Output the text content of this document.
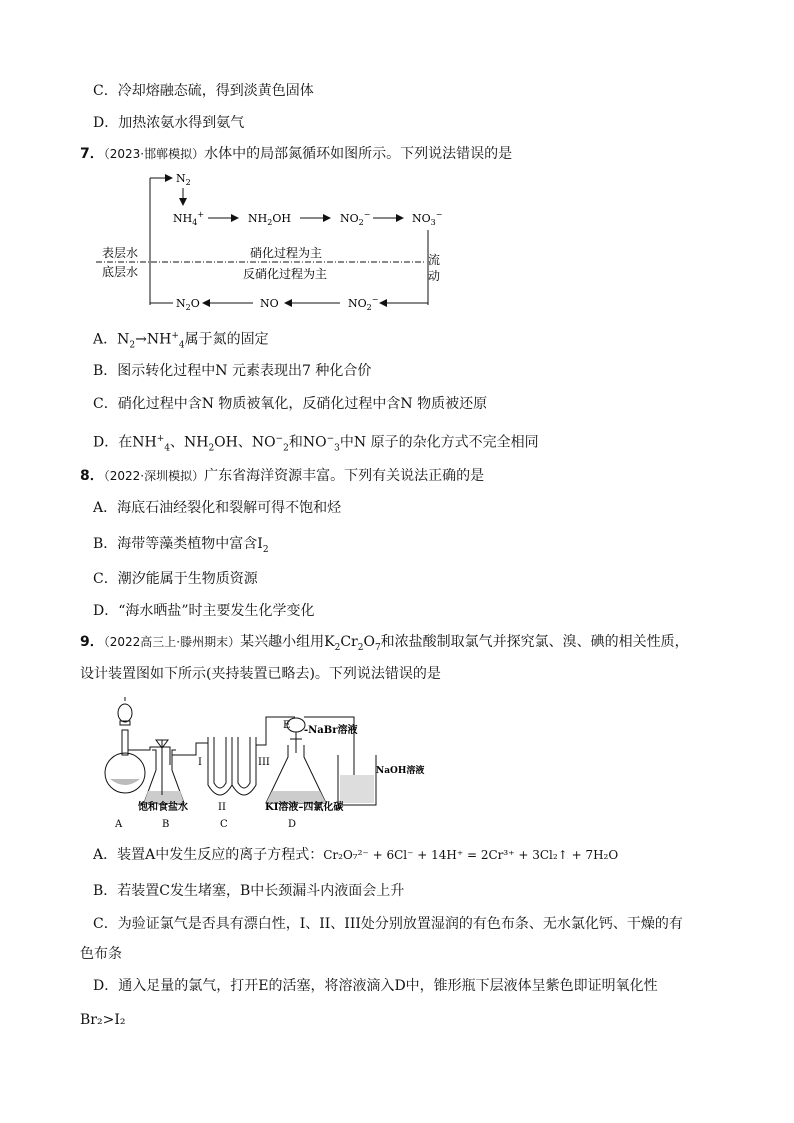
C．冷却熔融态硫，得到淡黄色固体
D．加热浓氨水得到氨气
7．（2023·邯郸模拟）水体中的局部氮循环如图所示。下列说法错误的是
$N_2$
$NH_4^+$	$NH_2OH$	$NO_2^-$	$NO_3^-$
表层水
底层水
硝化过程为主
反硝化过程为主
流
动
$NO_2^-$
NO
$N_2O$
A．$N_2\to NH^+_4$属于氮的固定
B．图示转化过程中N 元素表现出7 种化合价
C．硝化过程中含N 物质被氧化，反硝化过程中含N 物质被还原
D．在$NH^+_4$、$NH_2OH$、$NO^-_2$和$NO^-_3$中N 原子的杂化方式不完全相同
8．（2022·深圳模拟）广东省海洋资源丰富。下列有关说法正确的是
A．海底石油经裂化和裂解可得不饱和烃
B．海带等藻类植物中富含$I_2$
C．潮汐能属于生物质资源
D．“海水晒盐”时主要发生化学变化
9．（2022高三上·滕州期末）某兴趣小组用$K_2Cr_2O_7$和浓盐酸制取氯气并探究氯、溴、碘的相关性质，
设计装置图如下所示(夹持装置已略去)。下列说法错误的是
-NaBr溶液
E
NaOH溶液
I	III
II
饱和食盐水	KI溶液–四氯化碳
A	B	C	D
A．装置A中发生反应的离子方程式：Cr₂O₇²⁻ + 6Cl⁻ + 14H⁺ = 2Cr³⁺ + 3Cl₂↑ + 7H₂O
B．若装置C发生堵塞，B中长颈漏斗内液面会上升
C．为验证氯气是否具有漂白性，I、II、III处分别放置湿润的有色布条、无水氯化钙、干燥的有
色布条
D．通入足量的氯气，打开E的活塞，将溶液滴入D中，锥形瓶下层液体呈紫色即证明氧化性
Br₂>I₂
